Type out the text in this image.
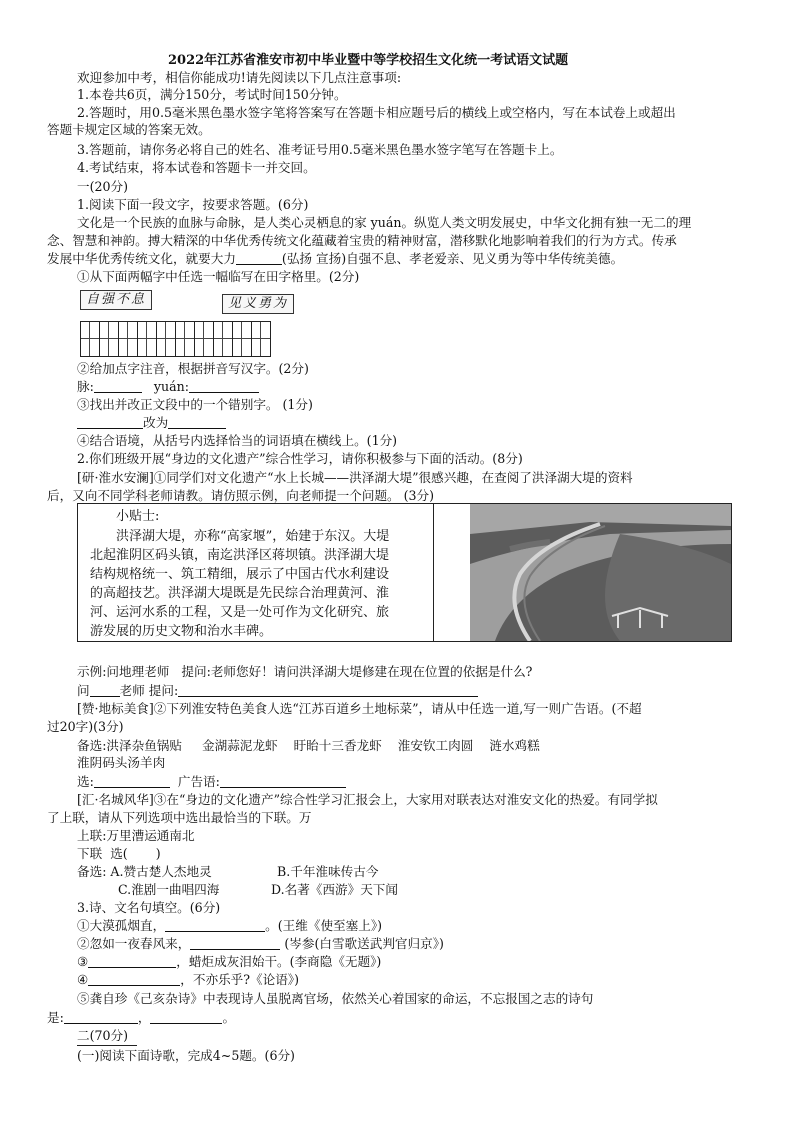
2022年江苏省淮安市初中毕业暨中等学校招生文化统一考试语文试题
欢迎参加中考，相信你能成功!请先阅读以下几点注意事项:
1.本卷共6页，满分150分，考试时间150分钟。
2.答题时，用0.5毫米黑色墨水签字笔将答案写在答题卡相应题号后的横线上或空格内，写在本试卷上或超出
答题卡规定区域的答案无效。
3.答题前，请你务必将自己的姓名、准考证号用0.5毫米黑色墨水签字笔写在答题卡上。
4.考试结束，将本试卷和答题卡一并交回。
一(20分)
1.阅读下面一段文字，按要求答题。(6分)
文化是一个民族的血脉与命脉，是人类心灵栖息的家 yuán。纵览人类文明发展史，中华文化拥有独一无二的理
念、智慧和神韵。搏大精深的中华优秀传统文化蕴藏着宝贵的精神财富，潜移默化地影响着我们的行为方式。传承
发展中华优秀传统文化，就要大力	(弘扬 宣扬)自强不息、孝老爱亲、见义勇为等中华传统美德。
①从下面两幅字中任选一幅临写在田字格里。(2分)
自强不息	见义勇为
②给加点字注音，根据拼音写汉字。(2分)
脉:	yuán:
③找出并改正文段中的一个错别字。 (1分)
改为
④结合语境，从括号内选择恰当的词语填在横线上。(1分)
2.你们班级开展“身边的文化遗产”综合性学习，请你积极参与下面的活动。(8分)
[研·淮水安澜]①同学们对文化遗产“水上长城——洪泽湖大堤”很感兴趣，在查阅了洪泽湖大堤的资料
后，又向不同学科老师请教。请仿照示例，向老师提一个问题。 (3分)
小贴士:
洪泽湖大堤，亦称“高家堰”，始建于东汉。大堤
北起淮阴区码头镇，南迄洪泽区蒋坝镇。洪泽湖大堤
结构规格统一、筑工精细，展示了中国古代水利建设
的高超技艺。洪泽湖大堤既是先民综合治理黄河、淮
河、运河水系的工程，又是一处可作为文化研究、旅
游发展的历史文物和治水丰碑。
示例:问地理老师   提问:老师您好！请问洪泽湖大堤修建在现在位置的依据是什么?
问 老师 提问:
[赞·地标美食]②下列淮安特色美食人选“江苏百道乡土地标菜”，请从中任选一道,写一则广告语。(不超
过20字)(3分)
备选:洪泽杂鱼锅贴     金湖蒜泥龙虾    盱眙十三香龙虾    淮安钦工肉圆    涟水鸡糕
淮阴码头汤羊肉
选:	广告语:
[汇·名城风华]③在“身边的文化遗产”综合性学习汇报会上，大家用对联表达对淮安文化的热爱。有同学拟
了上联，请从下列选项中选出最恰当的下联。万
上联:万里漕运通南北
下联  选(       )
备选: A.赞古楚人杰地灵	B.千年淮味传古今
C.淮剧一曲唱四海	D.名著《西游》天下闻
3.诗、文名句填空。(6分)
①大漠孤烟直，	。(王维《使至塞上》)
②忽如一夜春风来，	(岑参(白雪歌送武判官归京》)
③	，蜡炬成灰泪始干。(李商隐《无题》)
④	，不亦乐乎?《论语》)
⑤龚自珍《己亥杂诗》中表现诗人虽脱离官场，依然关心着国家的命运，不忘报国之志的诗句
是:	，	。
二(70分)
(一)阅读下面诗歌，完成4~5题。(6分)
